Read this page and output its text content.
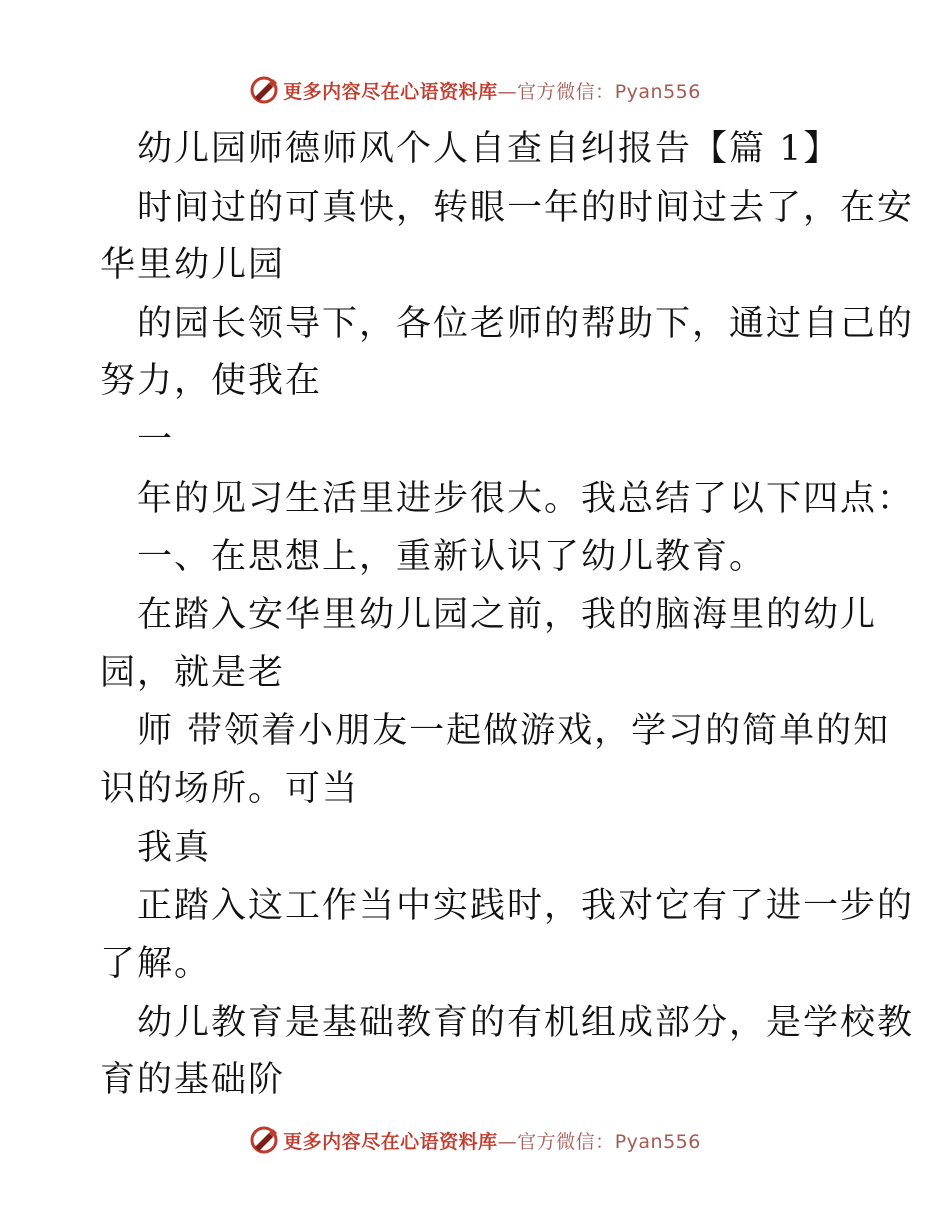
更多内容尽在心语资料库—官方微信：Pyan556
幼儿园师德师风个人自查自纠报告【篇 1】
时间过的可真快，转眼一年的时间过去了，在安
华里幼儿园
的园长领导下，各位老师的帮助下，通过自己的
努力，使我在
一
年的见习生活里进步很大。我总结了以下四点：
一、在思想上，重新认识了幼儿教育。
在踏入安华里幼儿园之前，我的脑海里的幼儿
园，就是老
师 带领着小朋友一起做游戏，学习的简单的知
识的场所。可当
我真
正踏入这工作当中实践时，我对它有了进一步的
了解。
幼儿教育是基础教育的有机组成部分，是学校教
育的基础阶
更多内容尽在心语资料库—官方微信：Pyan556
